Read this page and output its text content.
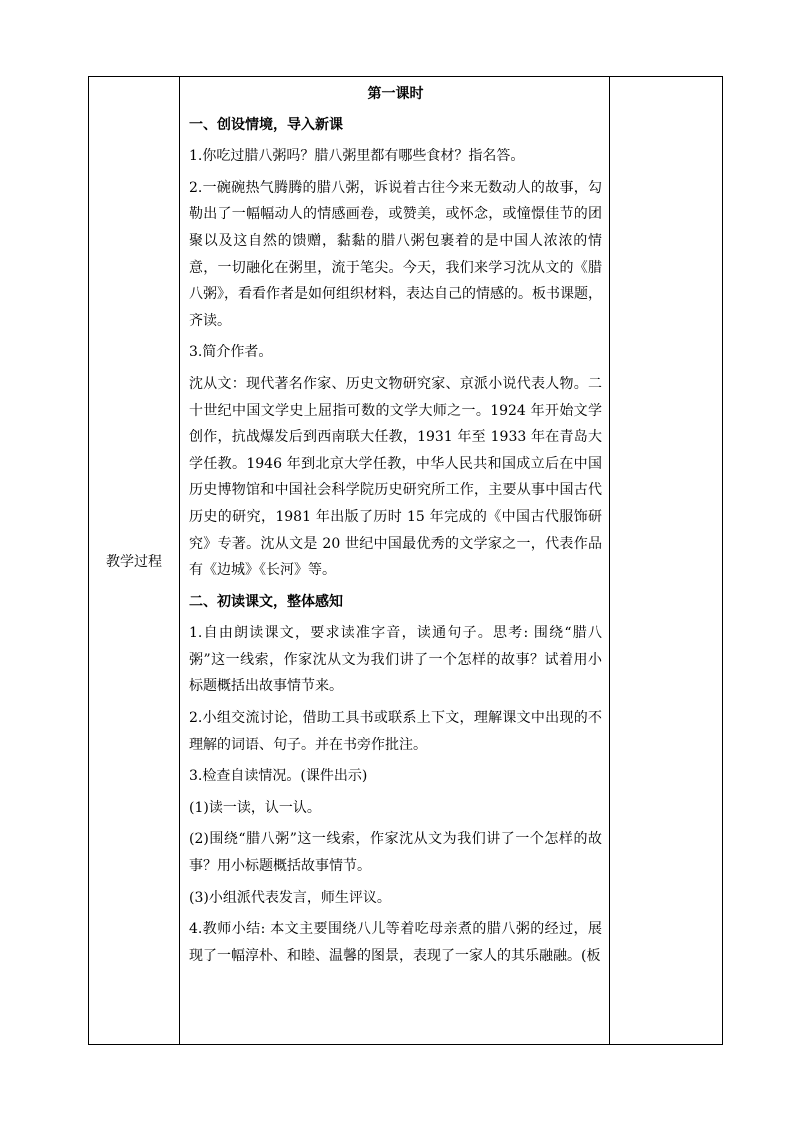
教学过程

第一课时

一、创设情境，导入新课

1.你吃过腊八粥吗？腊八粥里都有哪些食材？指名答。

2.一碗碗热气腾腾的腊八粥，诉说着古往今来无数动人的故事，勾勒出了一幅幅动人的情感画卷，或赞美，或怀念，或憧憬佳节的团聚以及这自然的馈赠，黏黏的腊八粥包裹着的是中国人浓浓的情意，一切融化在粥里，流于笔尖。今天，我们来学习沈从文的《腊八粥》，看看作者是如何组织材料，表达自己的情感的。板书课题，齐读。

3.简介作者。

沈从文：现代著名作家、历史文物研究家、京派小说代表人物。二十世纪中国文学史上屈指可数的文学大师之一。1924 年开始文学创作，抗战爆发后到西南联大任教，1931 年至 1933 年在青岛大学任教。1946 年到北京大学任教，中华人民共和国成立后在中国历史博物馆和中国社会科学院历史研究所工作，主要从事中国古代历史的研究，1981 年出版了历时 15 年完成的《中国古代服饰研究》专著。沈从文是 20 世纪中国最优秀的文学家之一，代表作品有《边城》《长河》等。

二、初读课文，整体感知

1.自由朗读课文，要求读准字音，读通句子。思考: 围绕“腊八粥”这一线索，作家沈从文为我们讲了一个怎样的故事？试着用小标题概括出故事情节来。

2.小组交流讨论，借助工具书或联系上下文，理解课文中出现的不理解的词语、句子。并在书旁作批注。

3.检查自读情况。(课件出示)

(1)读一读，认一认。

(2)围绕“腊八粥”这一线索，作家沈从文为我们讲了一个怎样的故事？用小标题概括故事情节。

(3)小组派代表发言，师生评议。

4.教师小结: 本文主要围绕八儿等着吃母亲煮的腊八粥的经过，展现了一幅淳朴、和睦、温馨的图景，表现了一家人的其乐融融。(板
